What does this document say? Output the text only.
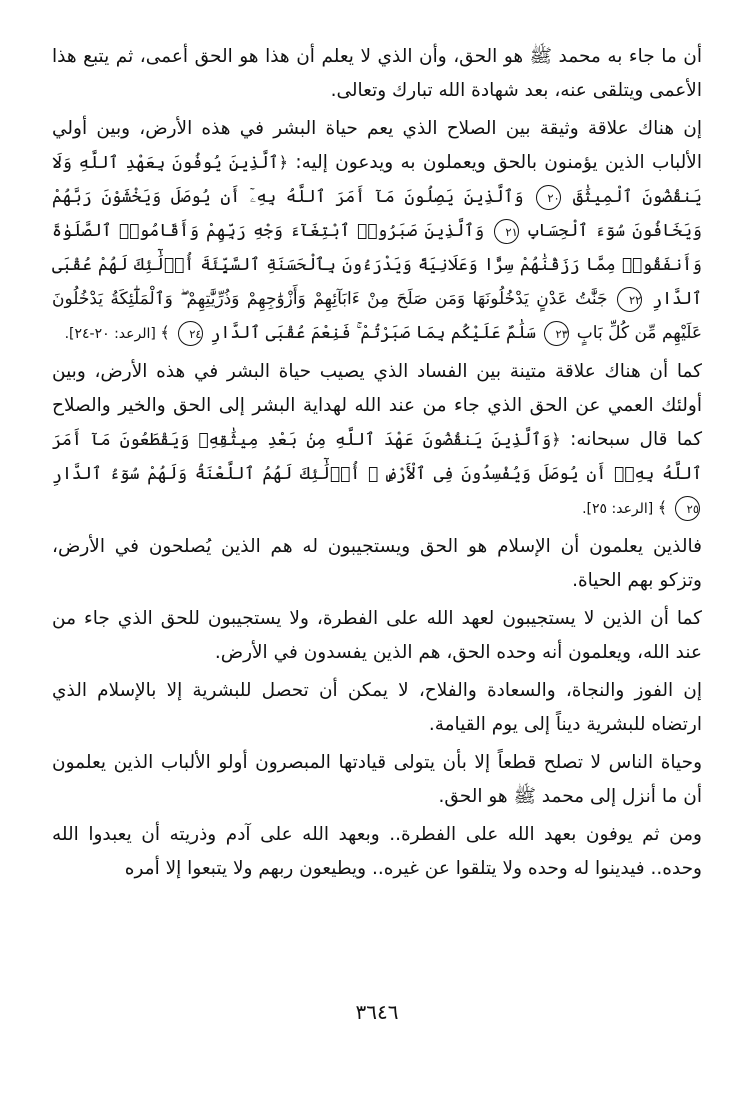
أن ما جاء به محمد ﷺ هو الحق، وأن الذي لا يعلم أن هذا هو الحق أعمى، ثم يتبع هذا الأعمى ويتلقى عنه، بعد شهادة الله تبارك وتعالى.

إن هناك علاقة وثيقة بين الصلاح الذي يعم حياة البشر في هذه الأرض، وبين أولي الألباب الذين يؤمنون بالحق ويعملون به ويدعون إليه: ﴿ٱلَّذِينَ يُوفُونَ بِعَهْدِ ٱللَّهِ وَلَا يَنقُضُونَ ٱلْمِيثَٰقَ ٢٠ وَٱلَّذِينَ يَصِلُونَ مَآ أَمَرَ ٱللَّهُ بِهِۦٓ أَن يُوصَلَ وَيَخْشَوْنَ رَبَّهُمْ وَيَخَافُونَ سُوٓءَ ٱلْحِسَابِ ٢١ وَٱلَّذِينَ صَبَرُوا۟ ٱبْتِغَآءَ وَجْهِ رَبِّهِمْ وَأَقَامُوا۟ ٱلصَّلَوٰةَ وَأَنفَقُوا۟ مِمَّا رَزَقْنَٰهُمْ سِرًّا وَعَلَانِيَةً وَيَدْرَءُونَ بِٱلْحَسَنَةِ ٱلسَّيِّئَةَ أُو۟لَٰٓئِكَ لَهُمْ عُقْبَى ٱلدَّارِ ٢٢ جَنَّٰتُ عَدْنٍ يَدْخُلُونَهَا وَمَن صَلَحَ مِنْ ءَابَآئِهِمْ وَأَزْوَٰجِهِمْ وَذُرِّيَّٰتِهِمْ ۖ وَٱلْمَلَٰٓئِكَةُ يَدْخُلُونَ عَلَيْهِم مِّن كُلِّ بَابٍ ٢٣ سَلَٰمٌ عَلَيْكُم بِمَا صَبَرْتُمْ ۚ فَنِعْمَ عُقْبَى ٱلدَّارِ ٢٤ ﴾ [الرعد: ٢٠-٢٤].

كما أن هناك علاقة متينة بين الفساد الذي يصيب حياة البشر في هذه الأرض، وبين أولئك العمي عن الحق الذي جاء من عند الله لهداية البشر إلى الحق والخير والصلاح كما قال سبحانه: ﴿وَٱلَّذِينَ يَنقُضُونَ عَهْدَ ٱللَّهِ مِنۢ بَعْدِ مِيثَٰقِهِۦ وَيَقْطَعُونَ مَآ أَمَرَ ٱللَّهُ بِهِۦٓ أَن يُوصَلَ وَيُفْسِدُونَ فِى ٱلْأَرْضِ ۙ أُو۟لَٰٓئِكَ لَهُمُ ٱللَّعْنَةُ وَلَهُمْ سُوٓءُ ٱلدَّارِ ٢٥ ﴾ [الرعد: ٢٥].

فالذين يعلمون أن الإسلام هو الحق ويستجيبون له هم الذين يُصلحون في الأرض، وتزكو بهم الحياة.

كما أن الذين لا يستجيبون لعهد الله على الفطرة، ولا يستجيبون للحق الذي جاء من عند الله، ويعلمون أنه وحده الحق، هم الذين يفسدون في الأرض.

إن الفوز والنجاة، والسعادة والفلاح، لا يمكن أن تحصل للبشرية إلا بالإسلام الذي ارتضاه للبشرية ديناً إلى يوم القيامة.

وحياة الناس لا تصلح قطعاً إلا بأن يتولى قيادتها المبصرون أولو الألباب الذين يعلمون أن ما أنزل إلى محمد ﷺ هو الحق.

ومن ثم يوفون بعهد الله على الفطرة.. وبعهد الله على آدم وذريته أن يعبدوا الله وحده.. فيدينوا له وحده ولا يتلقوا عن غيره.. ويطيعون ربهم ولا يتبعوا إلا أمره

٣٦٤٦
